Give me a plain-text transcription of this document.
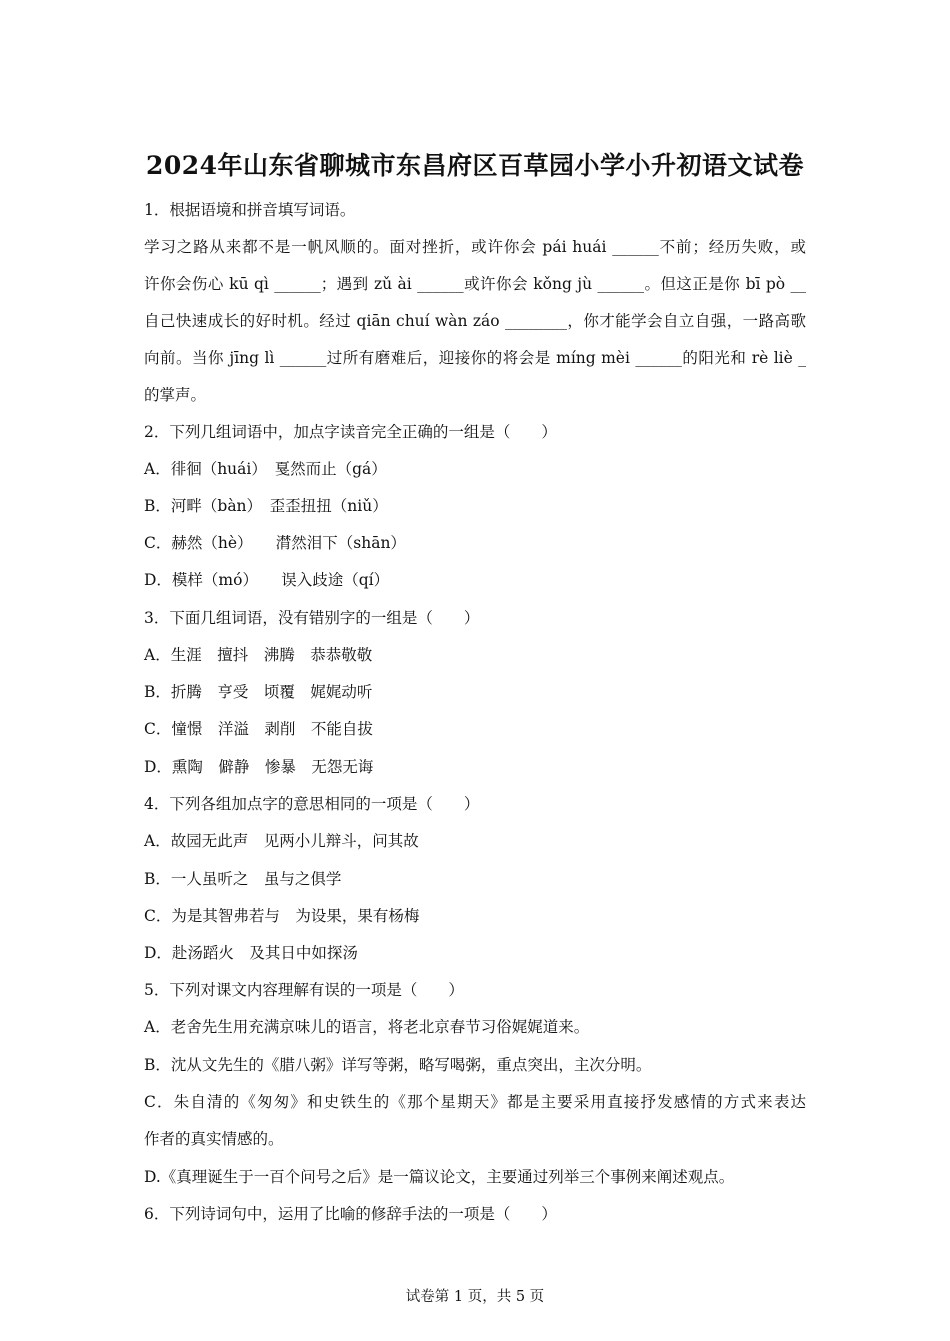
2024年山东省聊城市东昌府区百草园小学小升初语文试卷
1．根据语境和拼音填写词语。
学习之路从来都不是一帆风顺的。面对挫折，或许你会 pái huái ______不前；经历失败，或
许你会伤心 kū qì ______；遇到 zǔ ài ______或许你会 kǒng jù ______。但这正是你 bī pò __
自己快速成长的好时机。经过 qiān chuí wàn záo ________，你才能学会自立自强，一路高歌
向前。当你 jīng lì ______过所有磨难后，迎接你的将会是 míng mèi ______的阳光和 rè liè _
的掌声。
2．下列几组词语中，加点字读音完全正确的一组是（　　）
A．徘徊（huái）　戛然而止（gá）
B．河畔（bàn）　歪歪扭扭（niǔ）
C．赫然（hè）　　潸然泪下（shān）
D．模样（mó）　　误入歧途（qí）
3．下面几组词语，没有错别字的一组是（　　）
A．生涯　擅抖　沸腾　恭恭敬敬
B．折腾　亨受　顷覆　娓娓动听
C．憧憬　洋溢　剥削　不能自拔
D．熏陶　僻静　惨暴　无怨无诲
4．下列各组加点字的意思相同的一项是（　　）
A．故园无此声　见两小儿辩斗，问其故
B．一人虽听之　虽与之俱学
C．为是其智弗若与　为设果，果有杨梅
D．赴汤蹈火　及其日中如探汤
5．下列对课文内容理解有误的一项是（　　）
A．老舍先生用充满京味儿的语言，将老北京春节习俗娓娓道来。
B．沈从文先生的《腊八粥》详写等粥，略写喝粥，重点突出，主次分明。
C．朱自清的《匆匆》和史铁生的《那个星期天》都是主要采用直接抒发感情的方式来表达
作者的真实情感的。
D.《真理诞生于一百个问号之后》是一篇议论文，主要通过列举三个事例来阐述观点。
6．下列诗词句中，运用了比喻的修辞手法的一项是（　　）
试卷第 1 页，共 5 页
